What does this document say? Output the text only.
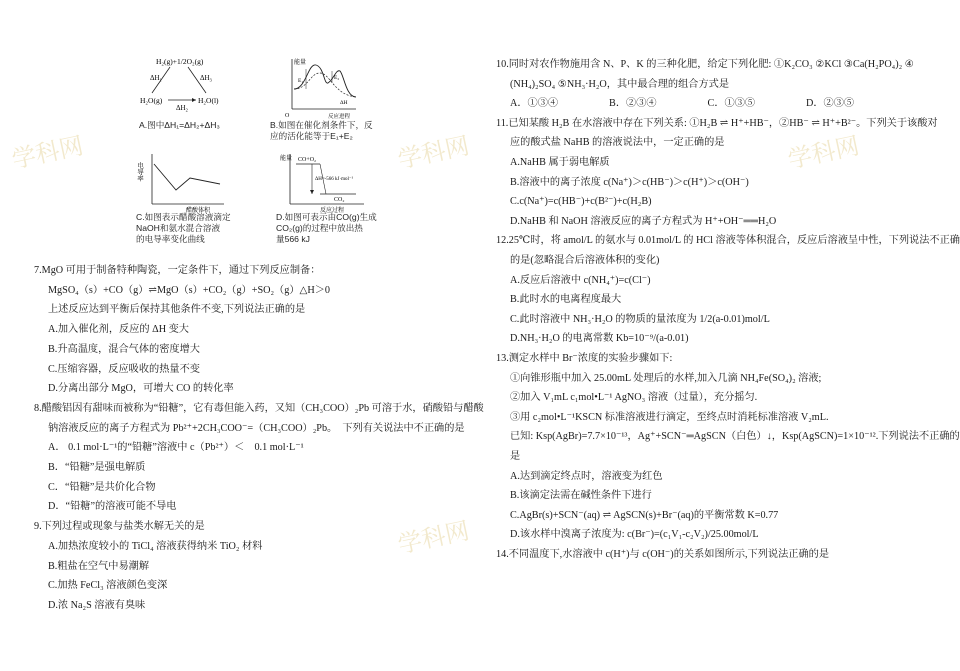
学科网	学科网	学科网
学科网
H₂(g)+1/2O₂(g)
H₂O(g)	H₂O(l)
ΔH₁	ΔH₃
ΔH₂
A.图中ΔH₁=ΔH₂+ΔH₃
O
能量
E₁	E₂
ΔH
反应进程
B.如图在催化剂条件下，反
应的活化能等于E₁+E₂
电导率
醋酸体积
C.如图表示醋酸溶液滴定
NaOH和氨水混合溶液
的电导率变化曲线
能量 CO+O₂
CO₂
ΔH=-566 kJ·mol⁻¹
反应过程
D.如图可表示由CO(g)生成
CO₂(g)的过程中放出热
量566 kJ
7.MgO 可用于制备特种陶瓷，一定条件下，通过下列反应制备：
MgSO₄（s）+CO（g）⇌MgO（s）+CO₂（g）+SO₂（g）△H＞0
上述反应达到平衡后保持其他条件不变,下列说法正确的是
A.加入催化剂，反应的 ΔH 变大
B.升高温度，混合气体的密度增大
C.压缩容器，反应吸收的热量不变
D.分离出部分 MgO，可增大 CO 的转化率
8.醋酸铝因有甜味而被称为“铅糖”，它有毒但能入药，又知（CH₃COO）₂Pb 可溶于水，硝酸铅与醋酸
钠溶液反应的离子方程式为 Pb²⁺+2CH₃COO⁻=（CH₃COO）₂Pb。　下列有关说法中不正确的是
A． 0.1 mol·L⁻¹的“铅糖”溶液中 c（Pb²⁺）＜　0.1 mol·L⁻¹
B．“铅糖”是强电解质
C．“铅糖”是共价化合物
D．“铅糖”的溶液可能不导电
9.下列过程或现象与盐类水解无关的是
A.加热浓度较小的 TiCl₄ 溶液获得纳米 TiO₂ 材料
B.粗盐在空气中易潮解
C.加热 FeCl₃ 溶液颜色变深
D.浓 Na₂S 溶液有臭味
10.同时对农作物施用含 N、P、K 的三种化肥，给定下列化肥: ①K₂CO₃ ②KCl ③Ca(H₂PO₄)₂ ④
(NH₄)₂SO₄ ⑤NH₃·H₂O，其中最合理的组合方式是
A．①③④　　　　　B．②③④　　　　　C．①③⑤　　　　　D．②③⑤
11.已知某酸 H₂B 在水溶液中存在下列关系: ①H₂B ⇌ H⁺+HB⁻，②HB⁻ ⇌ H⁺+B²⁻。下列关于该酸对
应的酸式盐 NaHB 的溶液说法中，一定正确的是
A.NaHB 属于弱电解质
B.溶液中的离子浓度 c(Na⁺)＞c(HB⁻)＞c(H⁺)＞c(OH⁻)
C.c(Na⁺)=c(HB⁻)+c(B²⁻)+c(H₂B)
D.NaHB 和 NaOH 溶液反应的离子方程式为 H⁺+OH⁻══H₂O
12.25℃时，将 amol/L 的氨水与 0.01mol/L 的 HCl 溶液等体积混合，反应后溶液呈中性，下列说法不正确
的是(忽略混合后溶液体积的变化)
A.反应后溶液中 c(NH₄⁺)=c(Cl⁻)
B.此时水的电离程度最大
C.此时溶液中 NH₃·H₂O 的物质的量浓度为 1/2(a-0.01)mol/L
D.NH₃·H₂O 的电离常数 Kb=10⁻⁹/(a-0.01)
13.测定水样中 Br⁻浓度的实验步骤如下:
①向锥形瓶中加入 25.00mL 处理后的水样,加入几滴 NH₄Fe(SO₄)₂ 溶液;
②加入 V₁mL c₁mol•L⁻¹ AgNO₃ 溶液（过量），充分摇匀.
③用 c₂mol•L⁻¹KSCN 标准溶液进行滴定，至终点时消耗标准溶液 V₂mL.
已知: Ksp(AgBr)=7.7×10⁻¹³，Ag⁺+SCN⁻═AgSCN（白色）↓，Ksp(AgSCN)=1×10⁻¹².下列说法不正确的
是
A.达到滴定终点时，溶液变为红色
B.该滴定法需在碱性条件下进行
C.AgBr(s)+SCN⁻(aq) ⇌ AgSCN(s)+Br⁻(aq)的平衡常数 K=0.77
D.该水样中溴离子浓度为: c(Br⁻)=(c₁V₁-c₂V₂)/25.00mol/L
14.不同温度下,水溶液中 c(H⁺)与 c(OH⁻)的关系如图所示,下列说法正确的是
